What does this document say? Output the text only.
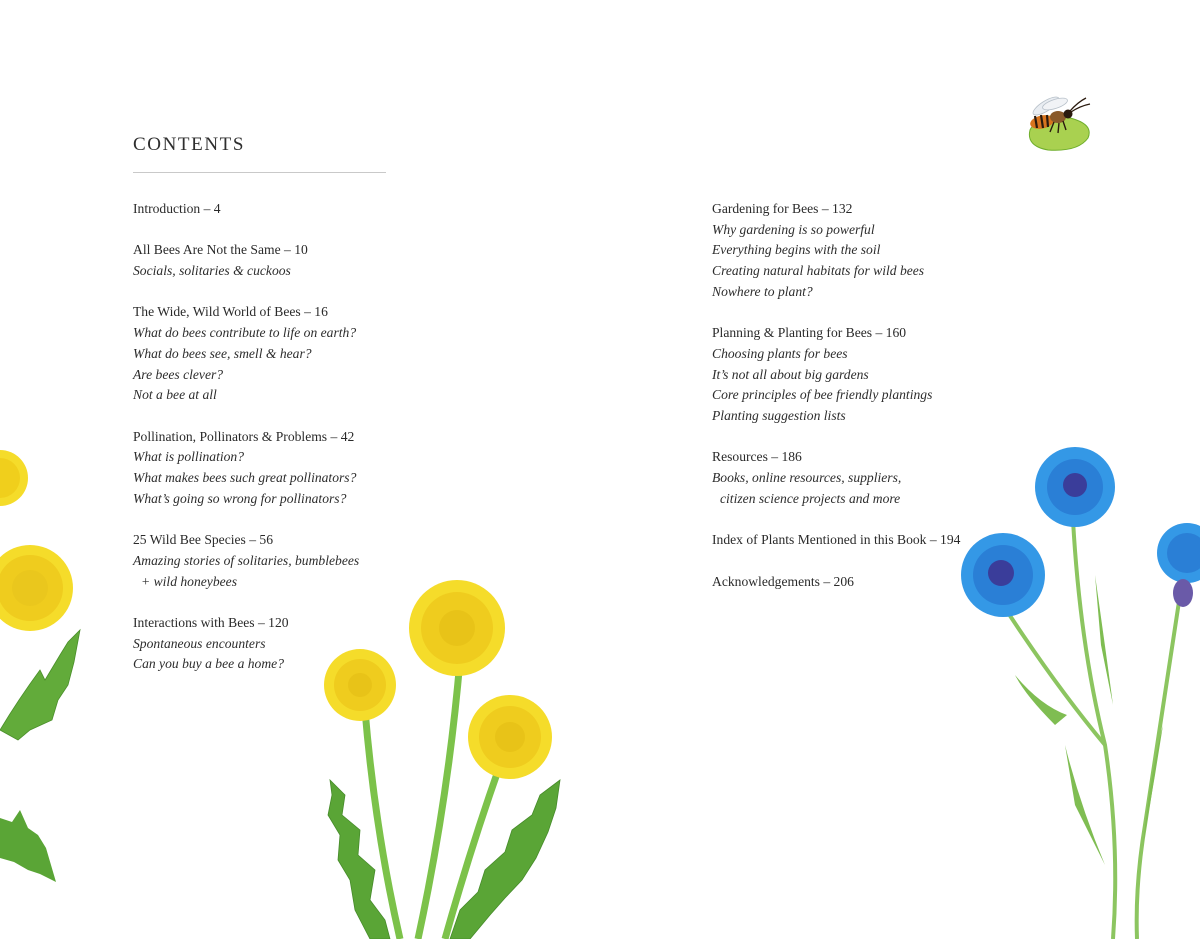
CONTENTS
Introduction – 4
All Bees Are Not the Same – 10
Socials, solitaries & cuckoos
The Wide, Wild World of Bees – 16
What do bees contribute to life on earth?
What do bees see, smell & hear?
Are bees clever?
Not a bee at all
Pollination, Pollinators & Problems – 42
What is pollination?
What makes bees such great pollinators?
What’s going so wrong for pollinators?
25 Wild Bee Species – 56
Amazing stories of solitaries, bumblebees
+ wild honeybees
Interactions with Bees – 120
Spontaneous encounters
Can you buy a bee a home?
Gardening for Bees – 132
Why gardening is so powerful
Everything begins with the soil
Creating natural habitats for wild bees
Nowhere to plant?
Planning & Planting for Bees – 160
Choosing plants for bees
It’s not all about big gardens
Core principles of bee friendly plantings
Planting suggestion lists
Resources – 186
Books, online resources, suppliers,
citizen science projects and more
Index of Plants Mentioned in this Book – 194
Acknowledgements – 206
